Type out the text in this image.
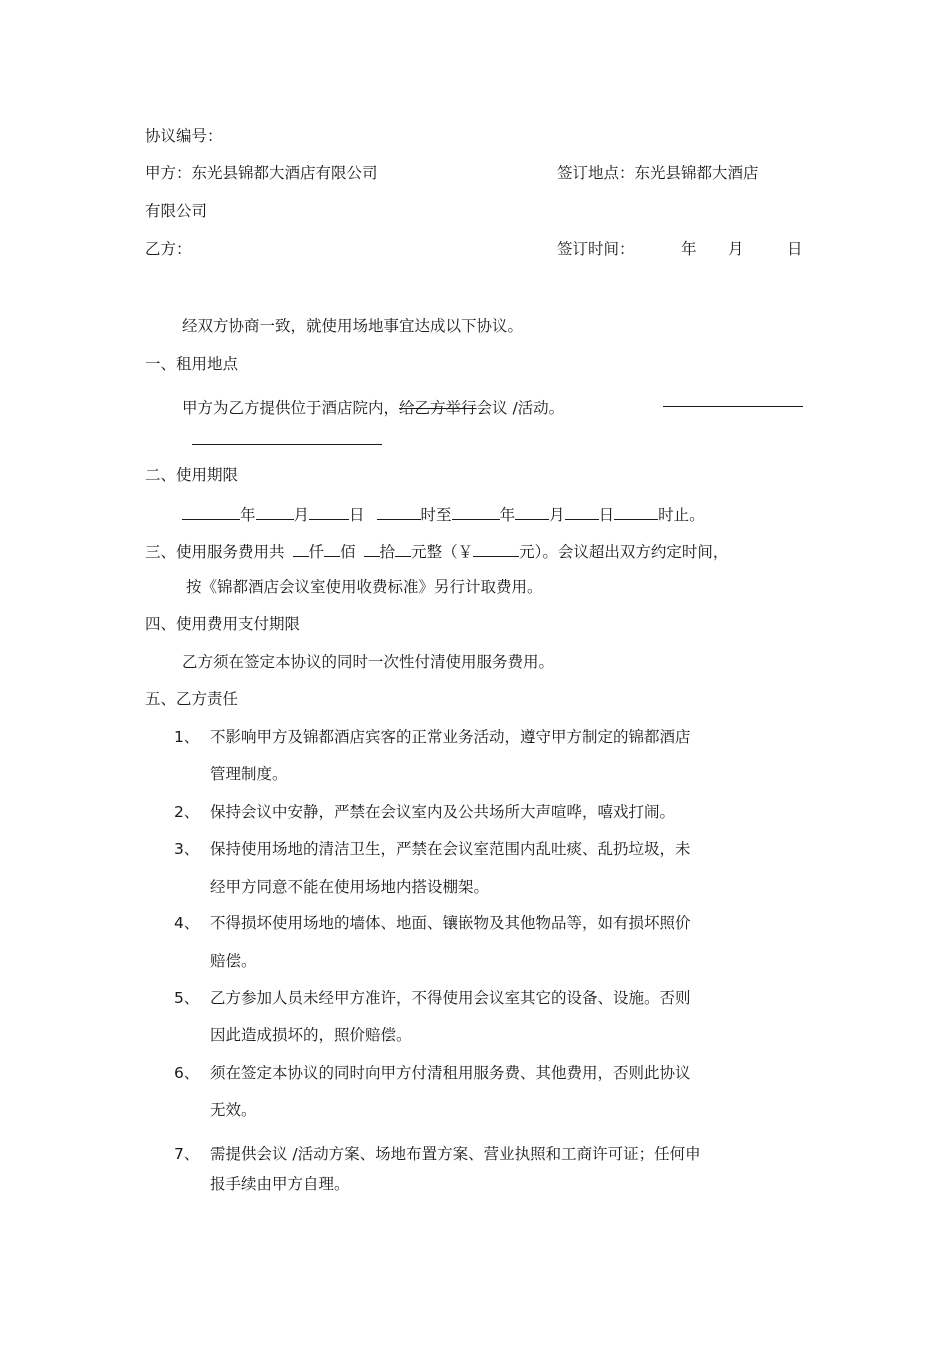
协议编号：
甲方：东光县锦都大酒店有限公司	签订地点：东光县锦都大酒店
有限公司
乙方：	签订时间：	年 月	日
经双方协商一致，就使用场地事宜达成以下协议。
一、租用地点
甲方为乙方提供位于酒店院内，给乙方举行会议 /活动。
二、使用期限
年 月	日	时至	年 月 日	时止。
三、使用服务费用共 仟 佰 拾 元整（￥	元）。会议超出双方约定时间，
按《锦都酒店会议室使用收费标准》另行计取费用。
四、使用费用支付期限
乙方须在签定本协议的同时一次性付清使用服务费用。
五、乙方责任
1、 不影响甲方及锦都酒店宾客的正常业务活动，遵守甲方制定的锦都酒店
管理制度。
2、 保持会议中安静，严禁在会议室内及公共场所大声喧哗，嘻戏打闹。
3、 保持使用场地的清洁卫生，严禁在会议室范围内乱吐痰、乱扔垃圾，未
经甲方同意不能在使用场地内搭设棚架。
4、 不得损坏使用场地的墙体、地面、镶嵌物及其他物品等，如有损坏照价
赔偿。
5、 乙方参加人员未经甲方准许，不得使用会议室其它的设备、设施。否则
因此造成损坏的，照价赔偿。
6、 须在签定本协议的同时向甲方付清租用服务费、其他费用，否则此协议
无效。
7、 需提供会议 /活动方案、场地布置方案、营业执照和工商许可证；任何申
报手续由甲方自理。
